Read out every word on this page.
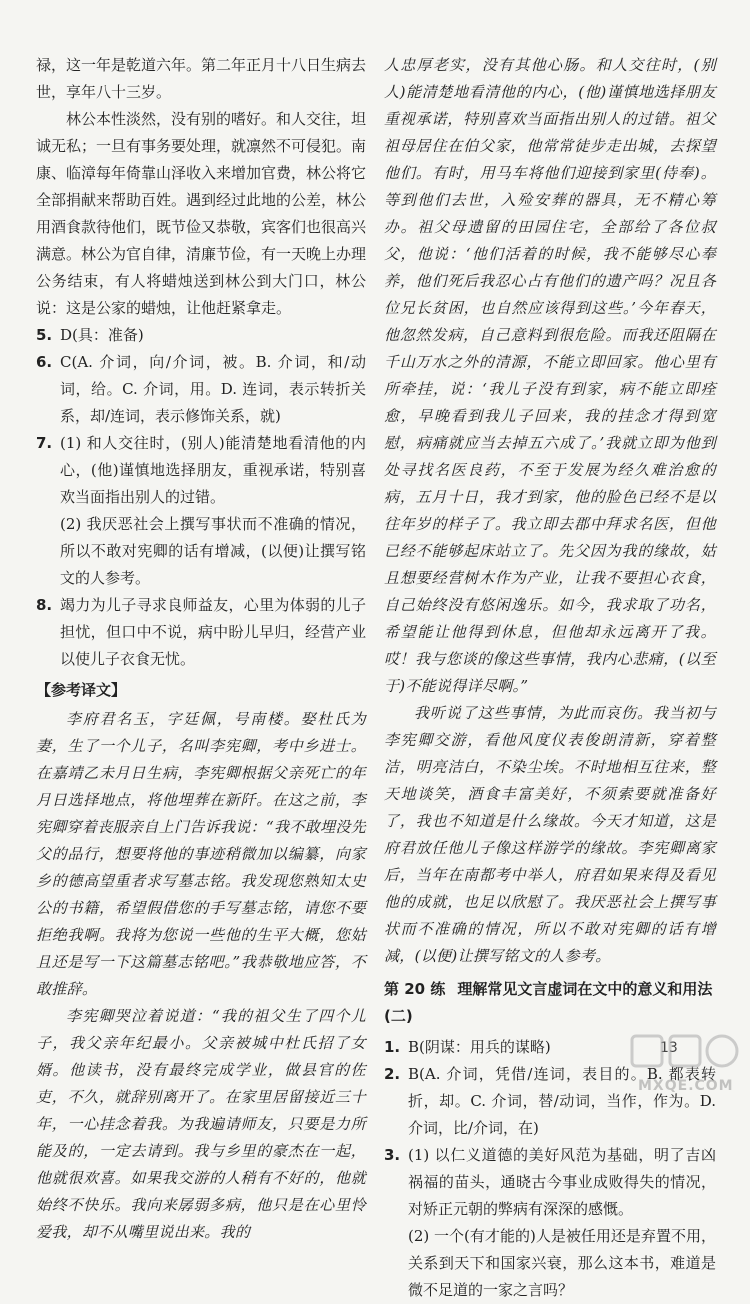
禄，这一年是乾道六年。第二年正月十八日生病去世，享年八十三岁。

林公本性淡然，没有别的嗜好。和人交往，坦诚无私；一旦有事务要处理，就凛然不可侵犯。南康、临漳每年倚靠山泽收入来增加官费，林公将它全部捐献来帮助百姓。遇到经过此地的公差，林公用酒食款待他们，既节俭又恭敬，宾客们也很高兴满意。林公为官自律，清廉节俭，有一天晚上办理公务结束，有人将蜡烛送到林公到大门口，林公说：这是公家的蜡烛，让他赶紧拿走。

5. D(具：准备)
6. C(A. 介词，向/介词，被。B. 介词，和/动词，给。C. 介词，用。D. 连词，表示转折关系，却/连词，表示修饰关系，就)
7. (1) 和人交往时，(别人)能清楚地看清他的内心，(他)谨慎地选择朋友，重视承诺，特别喜欢当面指出别人的过错。
(2) 我厌恶社会上撰写事状而不准确的情况，所以不敢对宪卿的话有增减，(以便)让撰写铭文的人参考。
8. 竭力为儿子寻求良师益友，心里为体弱的儿子担忧，但口中不说，病中盼儿早归，经营产业以使儿子衣食无忧。
【参考译文】

李府君名玉，字廷佩，号南楼。娶杜氏为妻，生了一个儿子，名叫李宪卿，考中乡进士。在嘉靖乙未月日生病，李宪卿根据父亲死亡的年月日选择地点，将他埋葬在新阡。在这之前，李宪卿穿着丧服亲自上门告诉我说：“我不敢埋没先父的品行，想要将他的事迹稍微加以编纂，向家乡的德高望重者求写墓志铭。我发现您熟知太史公的书籍，希望假借您的手写墓志铭，请您不要拒绝我啊。我将为您说一些他的生平大概，您姑且还是写一下这篇墓志铭吧。”我恭敬地应答，不敢推辞。

李宪卿哭泣着说道：“我的祖父生了四个儿子，我父亲年纪最小。父亲被城中杜氏招了女婿。他读书，没有最终完成学业，做县官的佐吏，不久，就辞别离开了。在家里居留接近三十年，一心挂念着我。为我遍请师友，只要是力所能及的，一定去请到。我与乡里的豪杰在一起，他就很欢喜。如果我交游的人稍有不好的，他就始终不快乐。我向来孱弱多病，他只是在心里怜爱我，却不从嘴里说出来。我的

人忠厚老实，没有其他心肠。和人交往时，(别人)能清楚地看清他的内心，(他)谨慎地选择朋友重视承诺，特别喜欢当面指出别人的过错。祖父祖母居住在伯父家，他常常徒步走出城，去探望他们。有时，用马车将他们迎接到家里(侍奉)。等到他们去世，入殓安葬的器具，无不精心筹办。祖父母遗留的田园住宅，全部给了各位叔父，他说：‘他们活着的时候，我不能够尽心奉养，他们死后我忍心占有他们的遗产吗？况且各位兄长贫困，也自然应该得到这些。’今年春天，他忽然发病，自己意料到很危险。而我还阻隔在千山万水之外的清源，不能立即回家。他心里有所牵挂，说：‘我儿子没有到家，病不能立即痊愈，早晚看到我儿子回来，我的挂念才得到宽慰，病痛就应当去掉五六成了。’我就立即为他到处寻找名医良药，不至于发展为经久难治愈的病，五月十日，我才到家，他的脸色已经不是以往年岁的样子了。我立即去郡中拜求名医，但他已经不能够起床站立了。先父因为我的缘故，姑且想要经营树木作为产业，让我不要担心衣食，自己始终没有悠闲逸乐。如今，我求取了功名，希望能让他得到休息，但他却永远离开了我。哎！我与您谈的像这些事情，我内心悲痛，(以至于)不能说得详尽啊。”

我听说了这些事情，为此而哀伤。我当初与李宪卿交游，看他风度仪表俊朗清新，穿着整洁，明亮洁白，不染尘埃。不时地相互往来，整天地谈笑，酒食丰富美好，不须索要就准备好了，我也不知道是什么缘故。今天才知道，这是府君放任他儿子像这样游学的缘故。李宪卿离家后，当年在南都考中举人，府君如果来得及看见他的成就，也足以欣慰了。我厌恶社会上撰写事状而不准确的情况，所以不敢对宪卿的话有增减，(以便)让撰写铭文的人参考。

第 20 练 理解常见文言虚词在文中的意义和用法(二)
1. B(阴谋：用兵的谋略)
2. B(A. 介词，凭借/连词，表目的。B. 都表转折，却。C. 介词，替/动词，当作，作为。D. 介词，比/介词，在)
3. (1) 以仁义道德的美好风范为基础，明了吉凶祸福的苗头，通晓古今事业成败得失的情况，对矫正元朝的弊病有深深的感慨。
(2) 一个(有才能的)人是被任用还是弃置不用，关系到天下和国家兴衰，那么这本书，难道是微不足道的一家之言吗？
13
MXQE.COM
